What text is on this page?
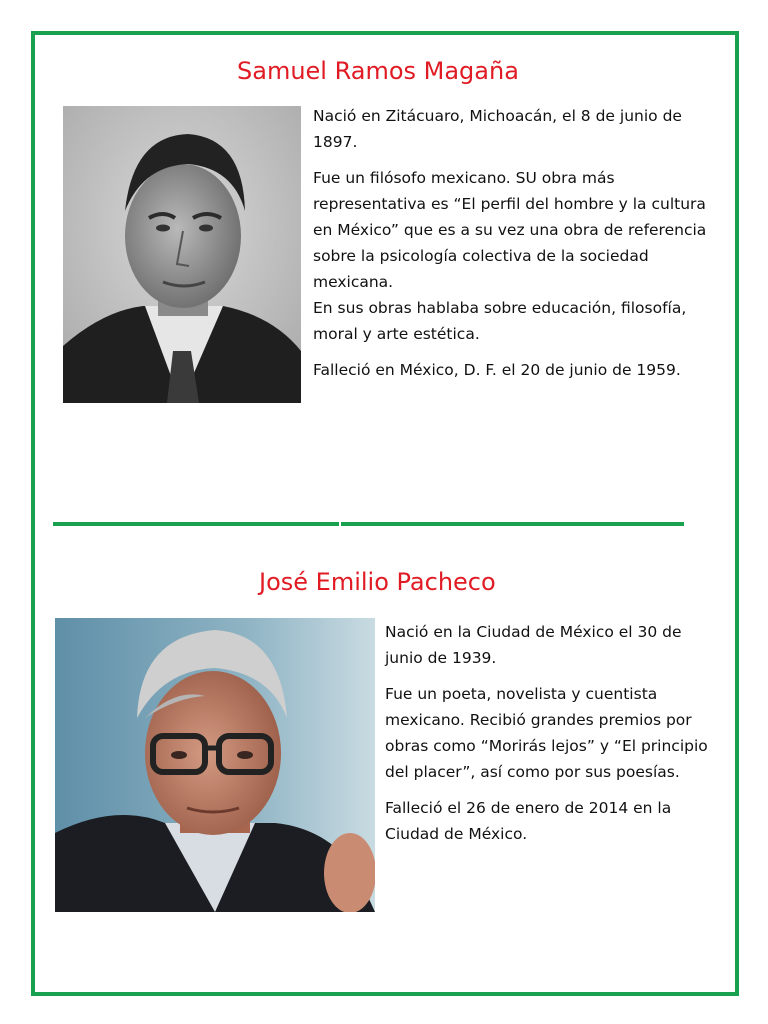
Samuel Ramos Magaña

Nació en Zitácuaro, Michoacán, el 8 de junio de 1897.

Fue un filósofo mexicano. SU obra más representativa es “El perfil del hombre y la cultura en México” que es a su vez una obra de referencia sobre la psicología colectiva de la sociedad mexicana.

En sus obras hablaba sobre educación, filosofía, moral y arte estética.

Falleció en México, D. F. el 20 de junio de 1959.

José Emilio Pacheco

Nació en la Ciudad de México el 30 de junio de 1939.

Fue un poeta, novelista y cuentista mexicano. Recibió grandes premios por obras como “Morirás lejos” y “El principio del placer”, así como por sus poesías.

Falleció el 26 de enero de 2014 en la Ciudad de México.
